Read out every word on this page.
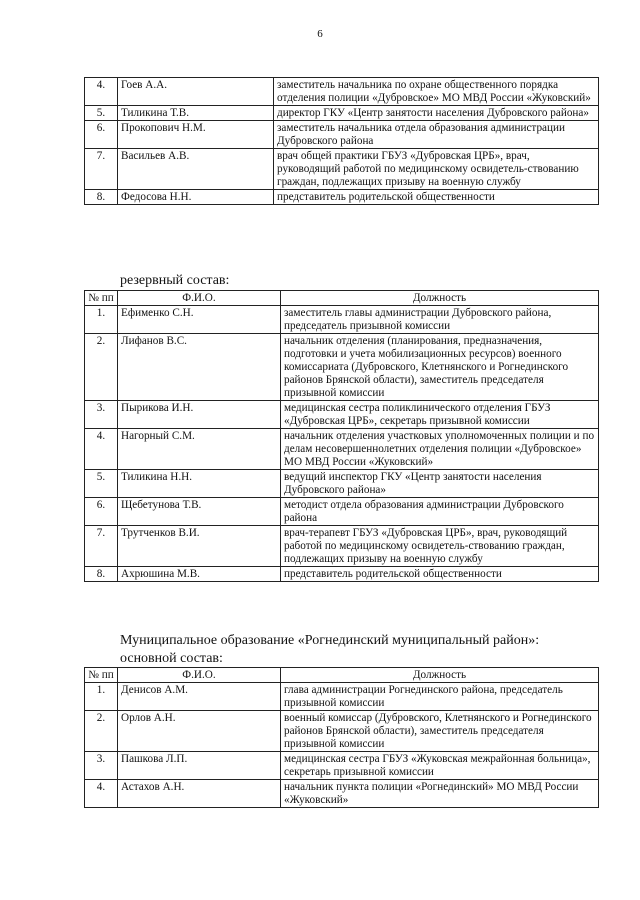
6
4.	Гоев А.А.	заместитель начальника по охране общественного порядка отделения полиции «Дубровское» МО МВД России «Жуковский»
5.	Тиликина Т.В.	директор ГКУ «Центр занятости населения Дубровского района»
6.	Прокопович Н.М.	заместитель начальника отдела образования администрации Дубровского района
7.	Васильев А.В.	врач общей практики ГБУЗ «Дубровская ЦРБ», врач, руководящий работой по медицинскому освидетель-ствованию граждан, подлежащих призыву на военную службу
8.	Федосова Н.Н.	представитель родительской общественности
резервный состав:
№ пп	Ф.И.О.	Должность
1.	Ефименко С.Н.	заместитель главы администрации Дубровского района, председатель призывной комиссии
2.	Лифанов В.С.	начальник отделения (планирования, предназначения, подготовки и учета мобилизационных ресурсов) военного комиссариата (Дубровского, Клетнянского и Рогнединского районов Брянской области), заместитель председателя призывной комиссии
3.	Пырикова И.Н.	медицинская сестра поликлинического отделения ГБУЗ «Дубровская ЦРБ», секретарь призывной комиссии
4.	Нагорный С.М.	начальник отделения участковых уполномоченных полиции и по делам несовершеннолетних отделения полиции «Дубровское» МО МВД России «Жуковский»
5.	Тиликина Н.Н.	ведущий инспектор ГКУ «Центр занятости населения Дубровского района»
6.	Щебетунова Т.В.	методист отдела образования администрации Дубровского района
7.	Трутченков В.И.	врач-терапевт ГБУЗ «Дубровская ЦРБ», врач, руководящий работой по медицинскому освидетель-ствованию граждан, подлежащих призыву на военную службу
8.	Ахрюшина М.В.	представитель родительской общественности
Муниципальное образование «Рогнединский муниципальный район»:
основной состав:
№ пп	Ф.И.О.	Должность
1.	Денисов А.М.	глава администрации Рогнединского района, председатель призывной комиссии
2.	Орлов А.Н.	военный комиссар (Дубровского, Клетнянского и Рогнединского районов Брянской области), заместитель председателя призывной комиссии
3.	Пашкова Л.П.	медицинская сестра ГБУЗ «Жуковская межрайонная больница», секретарь призывной комиссии
4.	Астахов А.Н.	начальник пункта полиции «Рогнединский» МО МВД России «Жуковский»
